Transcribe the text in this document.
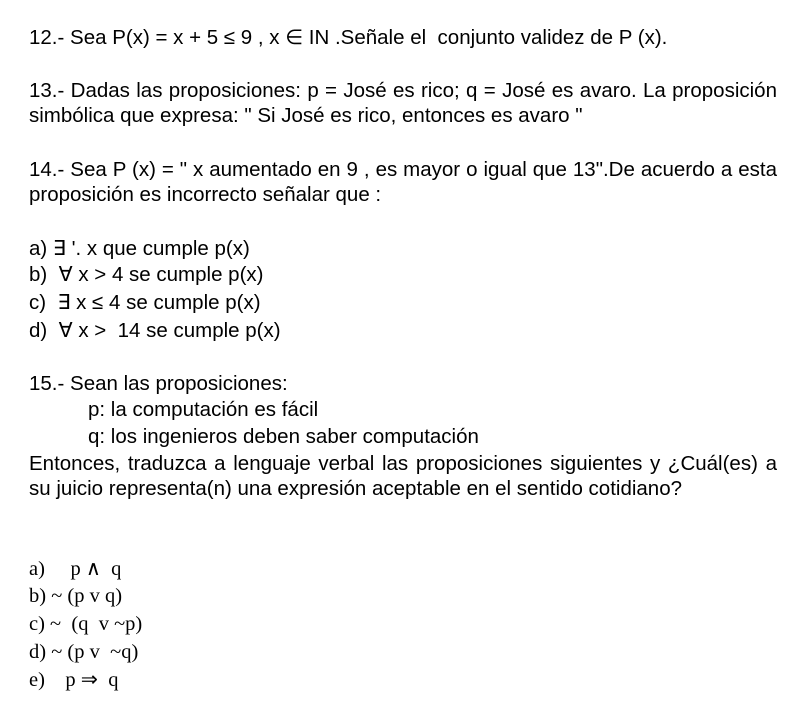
12.- Sea P(x) = x + 5 ≤ 9 , x ∈ IN .Señale el  conjunto validez de P (x).
13.- Dadas las proposiciones: p = José es rico; q = José es avaro. La proposición simbólica que expresa: " Si José es rico, entonces es avaro "
14.- Sea P (x) = " x aumentado en 9 , es mayor o igual que 13".De acuerdo a esta proposición es incorrecto señalar que :
a) ∃ '. x que cumple p(x)
b)  ∀ x > 4 se cumple p(x)
c)  ∃ x ≤ 4 se cumple p(x)
d)  ∀ x >  14 se cumple p(x)
15.- Sean las proposiciones:
p: la computación es fácil
q: los ingenieros deben saber computación
Entonces, traduzca a lenguaje verbal las proposiciones siguientes y ¿Cuál(es) a su juicio representa(n) una expresión aceptable en el sentido cotidiano?
a)     p ∧  q
b) ~ (p v q)
c) ~  (q  v ~p)
d) ~ (p v  ~q)
e)    p ⇒  q
